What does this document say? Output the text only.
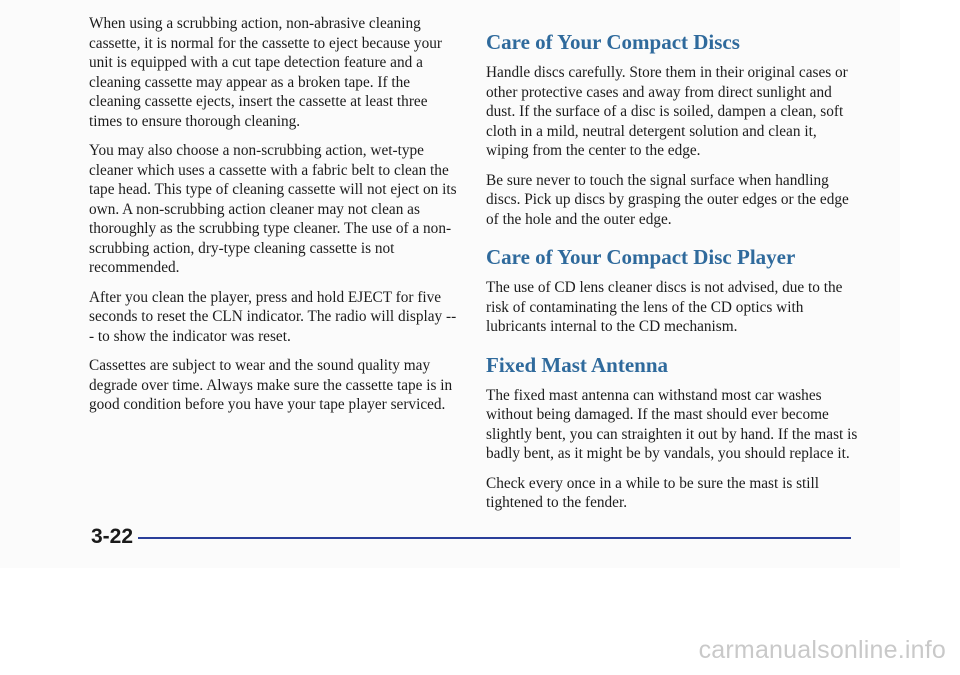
When using a scrubbing action, non-abrasive cleaning cassette, it is normal for the cassette to eject because your unit is equipped with a cut tape detection feature and a cleaning cassette may appear as a broken tape. If the cleaning cassette ejects, insert the cassette at least three times to ensure thorough cleaning.

You may also choose a non-scrubbing action, wet-type cleaner which uses a cassette with a fabric belt to clean the tape head. This type of cleaning cassette will not eject on its own. A non-scrubbing action cleaner may not clean as thoroughly as the scrubbing type cleaner. The use of a non-scrubbing action, dry-type cleaning cassette is not recommended.

After you clean the player, press and hold EJECT for five seconds to reset the CLN indicator. The radio will display --- to show the indicator was reset.

Cassettes are subject to wear and the sound quality may degrade over time. Always make sure the cassette tape is in good condition before you have your tape player serviced.

Care of Your Compact Discs

Handle discs carefully. Store them in their original cases or other protective cases and away from direct sunlight and dust. If the surface of a disc is soiled, dampen a clean, soft cloth in a mild, neutral detergent solution and clean it, wiping from the center to the edge.

Be sure never to touch the signal surface when handling discs. Pick up discs by grasping the outer edges or the edge of the hole and the outer edge.

Care of Your Compact Disc Player

The use of CD lens cleaner discs is not advised, due to the risk of contaminating the lens of the CD optics with lubricants internal to the CD mechanism.

Fixed Mast Antenna

The fixed mast antenna can withstand most car washes without being damaged. If the mast should ever become slightly bent, you can straighten it out by hand. If the mast is badly bent, as it might be by vandals, you should replace it.

Check every once in a while to be sure the mast is still tightened to the fender.

3-22
carmanualsonline.info
